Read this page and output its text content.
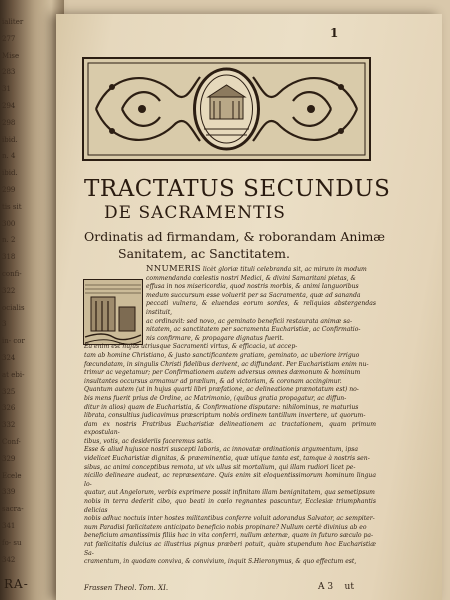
ialiter
277
Mise
283
31
294
298
ibid.
n. 4
ibid.
299
tis sit
300
n. 2
318
confi-
322
ocialis
3
in- cor
324
at ebi-
325
326
332
Conf-
329
Ecele
339
sacra-
341
fo- su
342
RA-
1
TRACTATUS SECUNDUS
DE SACRAMENTIS
Ordinatis ad firmandam, & roborandam Animæ
Sanitatem, ac Sanctitatem.

NNUMERIS licèt gloriæ tituli celebranda sit, ac mirum in modum

commendanda cœlestis nostri Medici, & divini Samaritani pietas, &
effusa in nos misericordia, quod nostris morbis, & animi languoribus
medum succursum esse voluerit per sa Sacramenta, quæ ad sananda
peccati vulnera, & eluendas eorum sordes, & reliquias abstergendas instituit,
ac ordinavit: sed novo, ac geminato beneficii restaurata animæ sa-
nitatem, ac sanctitatem per sacramenta Eucharistiæ, ac Confirmatio-
nis confirmare, & propagare dignatus fuerit.
Ea enim est hujus utriusque Sacramenti virtus, & efficacia, ut accep-
tam ab homine Christiano, & justo sanctificantem gratiam, geminato, ac uberiore irriguo
fœcundatam, in singulis Christi fidelibus derivent, ac diffundant. Per Eucharistiam enim nu-
trimur ac vegetamur; per Confirmationem autem adversus omnes dæmonum & hominum
insultantes occursus armamur ad prælium, & ad victoriam, & coronam accingimur.
Quantum autem (ut in hujus quarti libri præfatione, ac delineatione prænotatum est) no-
bis mens fuerit prius de Ordine, ac Matrimonio, (quibus gratia propagatur, ac diffun-
ditur in alios) quam de Eucharistia, & Confirmatione disputare: nihilominus, re maturius
librata, consultius judicavimus præscriptum nobis ordinem tantillum invertere, ut quorum-
dam ex nostris Fratribus Eucharistiæ delineationem ac tractationem, quam primum expostulan-
tibus, votis, ac desideriis faceremus satis.
Esse & aliud hujusce nostri suscepti laboris, ac innovatæ ordinationis argumentum, ipsa
videlicet Eucharistiæ dignitas, & præeminentia, quæ utique tanta est, tamque à nostris sen-
sibus, ac animi conceptibus remota, ut vix ullus sit mortalium, qui illam rudiori licet pe-
nicillo delineare audeat, ac repræsentare. Quis enim sit eloquentissimorum hominum lingua lo-
quatur, aut Angelorum, verbis exprimere possit infinitam illam benignitatem, qua semetipsum
nobis in terra dederit cibo, quo beati in cœlo regnantes pascuntur, Ecclesiæ triumphantis delicias
nobis adhuc noctuis inter hostes militantibus conferre voluit adorandus Salvator, ac sempiter-
num Paradisi fœlicitatem anticipato beneficio nobis propinare? Nullum certè divinius ab eo
beneficium amantissimis filiis hac in vita conferri, nullum æternæ, quam in futuro sæculo pa-
rat fœlicitatis dulcius ac illustrius pignus præberi potuit, quàm stupendum hoc Eucharistiæ Sa-
cramentum, in quodam conviva, & convivium, inquit S.Hieronymus, & quo effectum est,
Frassen Theol. Tom. XI.	A 3 ut
